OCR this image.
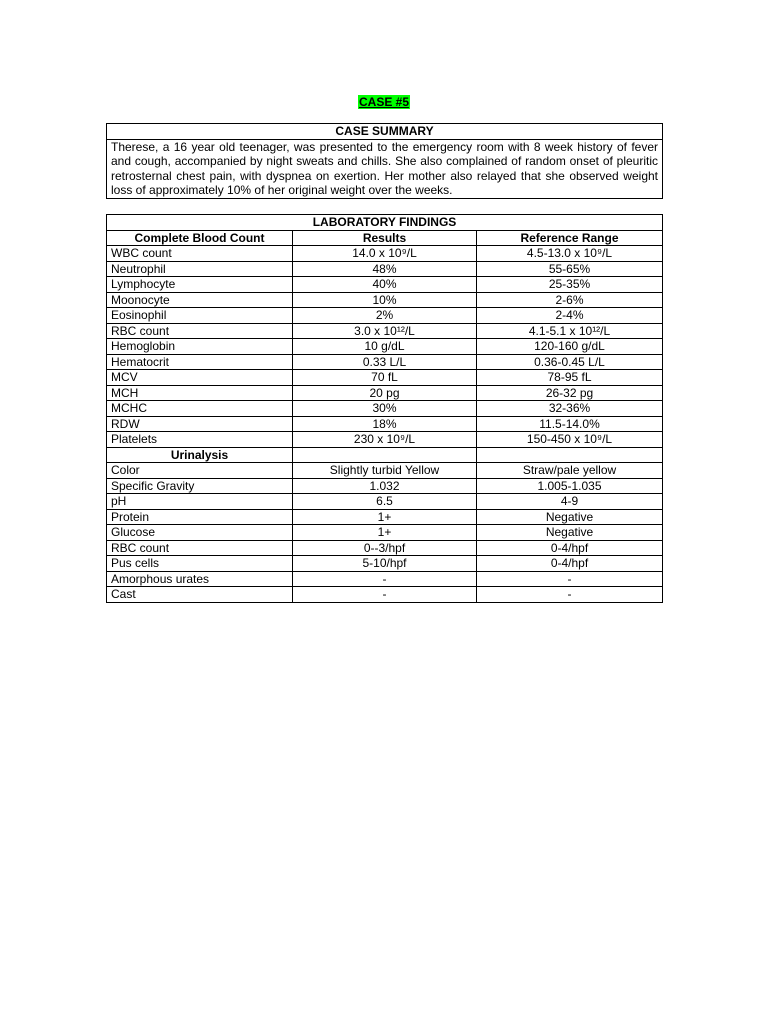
CASE #5
CASE SUMMARY
Therese, a 16 year old teenager, was presented to the emergency room with 8 week history of fever and cough, accompanied by night sweats and chills. She also complained of random onset of pleuritic retrosternal chest pain, with dyspnea on exertion. Her mother also relayed that she observed weight loss of approximately 10% of her original weight over the weeks.
LABORATORY FINDINGS		
Complete Blood Count	Results	Reference Range
WBC count	14.0 x 10⁹/L	4.5-13.0 x 10⁹/L
Neutrophil	48%	55-65%
Lymphocyte	40%	25-35%
Moonocyte	10%	2-6%
Eosinophil	2%	2-4%
RBC count	3.0 x 10¹²/L	4.1-5.1 x 10¹²/L
Hemoglobin	10 g/dL	120-160 g/dL
Hematocrit	0.33 L/L	0.36-0.45 L/L
MCV	70 fL	78-95 fL
MCH	20 pg	26-32 pg
MCHC	30%	32-36%
RDW	18%	11.5-14.0%
Platelets	230 x 10⁹/L	150-450 x 10⁹/L
Urinalysis		
Color	Slightly turbid Yellow	Straw/pale yellow
Specific Gravity	1.032	1.005-1.035
pH	6.5	4-9
Protein	1+	Negative
Glucose	1+	Negative
RBC count	0--3/hpf	0-4/hpf
Pus cells	5-10/hpf	0-4/hpf
Amorphous urates	-	-
Cast	-	-
